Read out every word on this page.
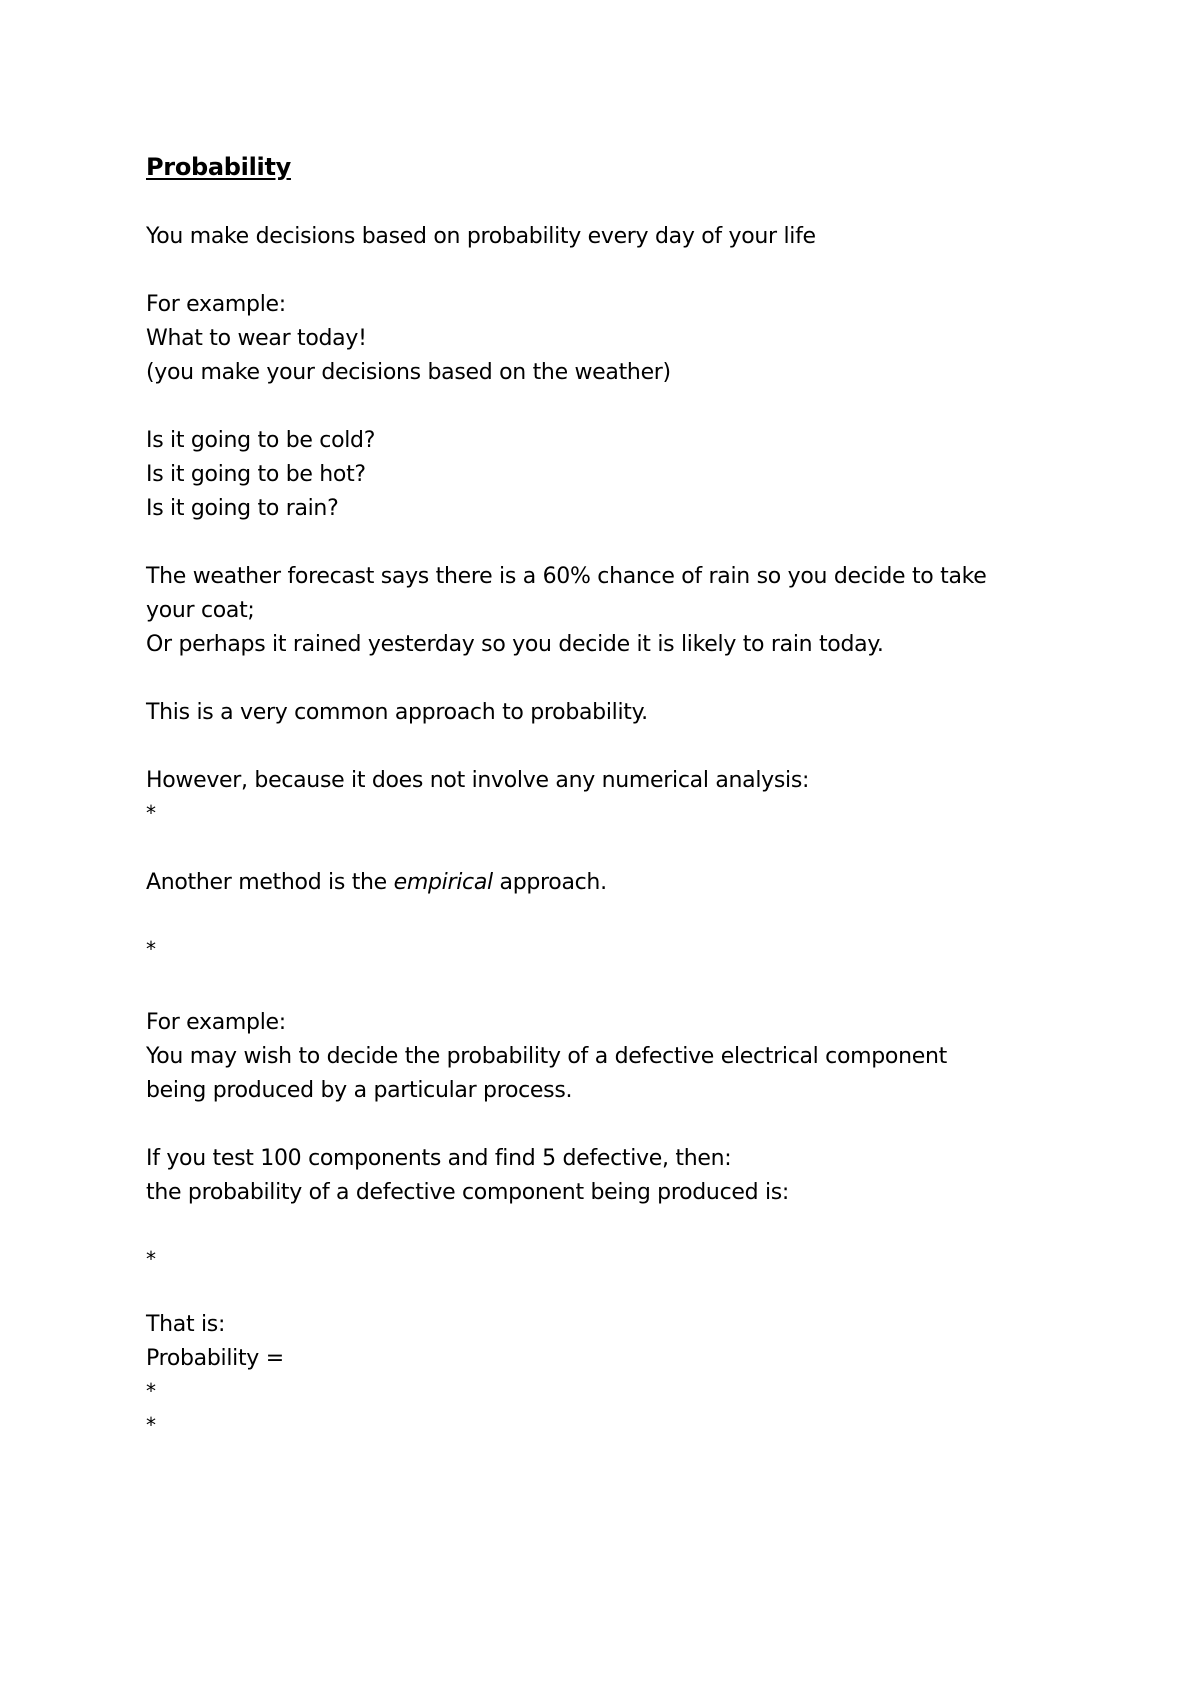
Probability
You make decisions based on probability every day of your life
For example:
What to wear today!
(you make your decisions based on the weather)
Is it going to be cold?
Is it going to be hot?
Is it going to rain?
The weather forecast says there is a 60% chance of rain so you decide to take
your coat;
Or perhaps it rained yesterday so you decide it is likely to rain today.
This is a very common approach to probability.
However, because it does not involve any numerical analysis:
*
Another method is the empirical approach.
*
For example:
You may wish to decide the probability of a defective electrical component
being produced by a particular process.
If you test 100 components and find 5 defective, then:
the probability of a defective component being produced is:
*
That is:
Probability =
*
*
